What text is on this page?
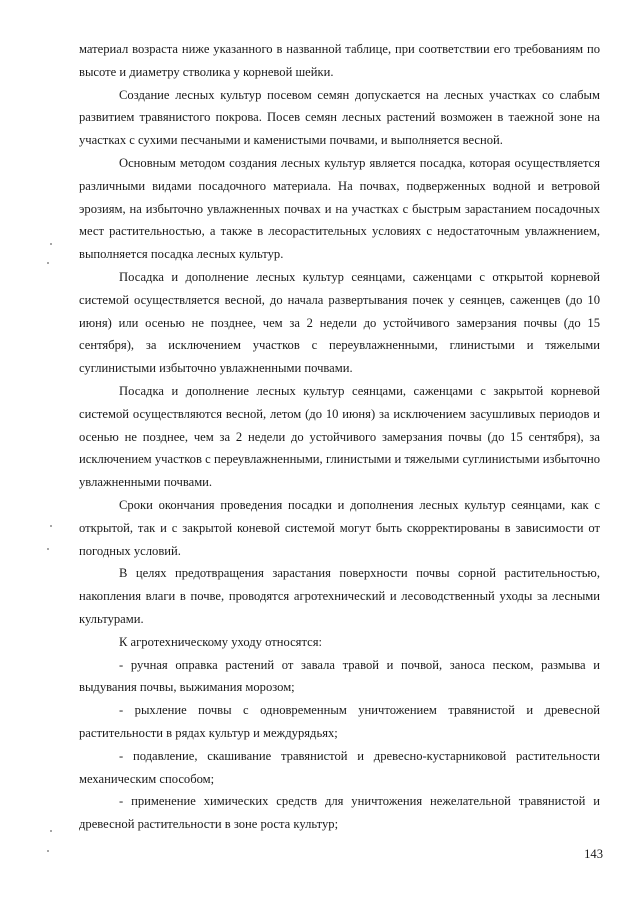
материал возраста ниже указанного в названной таблице, при соответствии его требованиям по высоте и диаметру стволика у корневой шейки.

Создание лесных культур посевом семян допускается на лесных участках со слабым развитием травянистого покрова. Посев семян лесных растений возможен в таежной зоне на участках с сухими песчаными и каменистыми почвами, и выполняется весной.

Основным методом создания лесных культур является посадка, которая осуществляется различными видами посадочного материала. На почвах, подверженных водной и ветровой эрозиям, на избыточно увлажненных почвах и на участках с быстрым зарастанием посадочных мест растительностью, а также в лесорастительных условиях с недостаточным увлажнением, выполняется посадка лесных культур.

Посадка и дополнение лесных культур сеянцами, саженцами с открытой корневой системой осуществляется весной, до начала развертывания почек у сеянцев, саженцев (до 10 июня) или осенью не позднее, чем за 2 недели до устойчивого замерзания почвы (до 15 сентября), за исключением участков с переувлажненными, глинистыми и тяжелыми суглинистыми избыточно увлажненными почвами.

Посадка и дополнение лесных культур сеянцами, саженцами с закрытой корневой системой осуществляются весной, летом (до 10 июня) за исключением засушливых периодов и осенью не позднее, чем за 2 недели до устойчивого замерзания почвы (до 15 сентября), за исключением участков с переувлажненными, глинистыми и тяжелыми суглинистыми избыточно увлажненными почвами.

Сроки окончания проведения посадки и дополнения лесных культур сеянцами, как с открытой, так и с закрытой коневой системой могут быть скорректированы в зависимости от погодных условий.

В целях предотвращения зарастания поверхности почвы сорной растительностью, накопления влаги в почве, проводятся агротехнический и лесоводственный уходы за лесными культурами.

К агротехническому уходу относятся:

- ручная оправка растений от завала травой и почвой, заноса песком, размыва и выдувания почвы, выжимания морозом;

- рыхление почвы с одновременным уничтожением травянистой и древесной растительности в рядах культур и междурядьях;

- подавление, скашивание травянистой и древесно-кустарниковой растительности механическим способом;

- применение химических средств для уничтожения нежелательной травянистой и древесной растительности в зоне роста культур;

143
